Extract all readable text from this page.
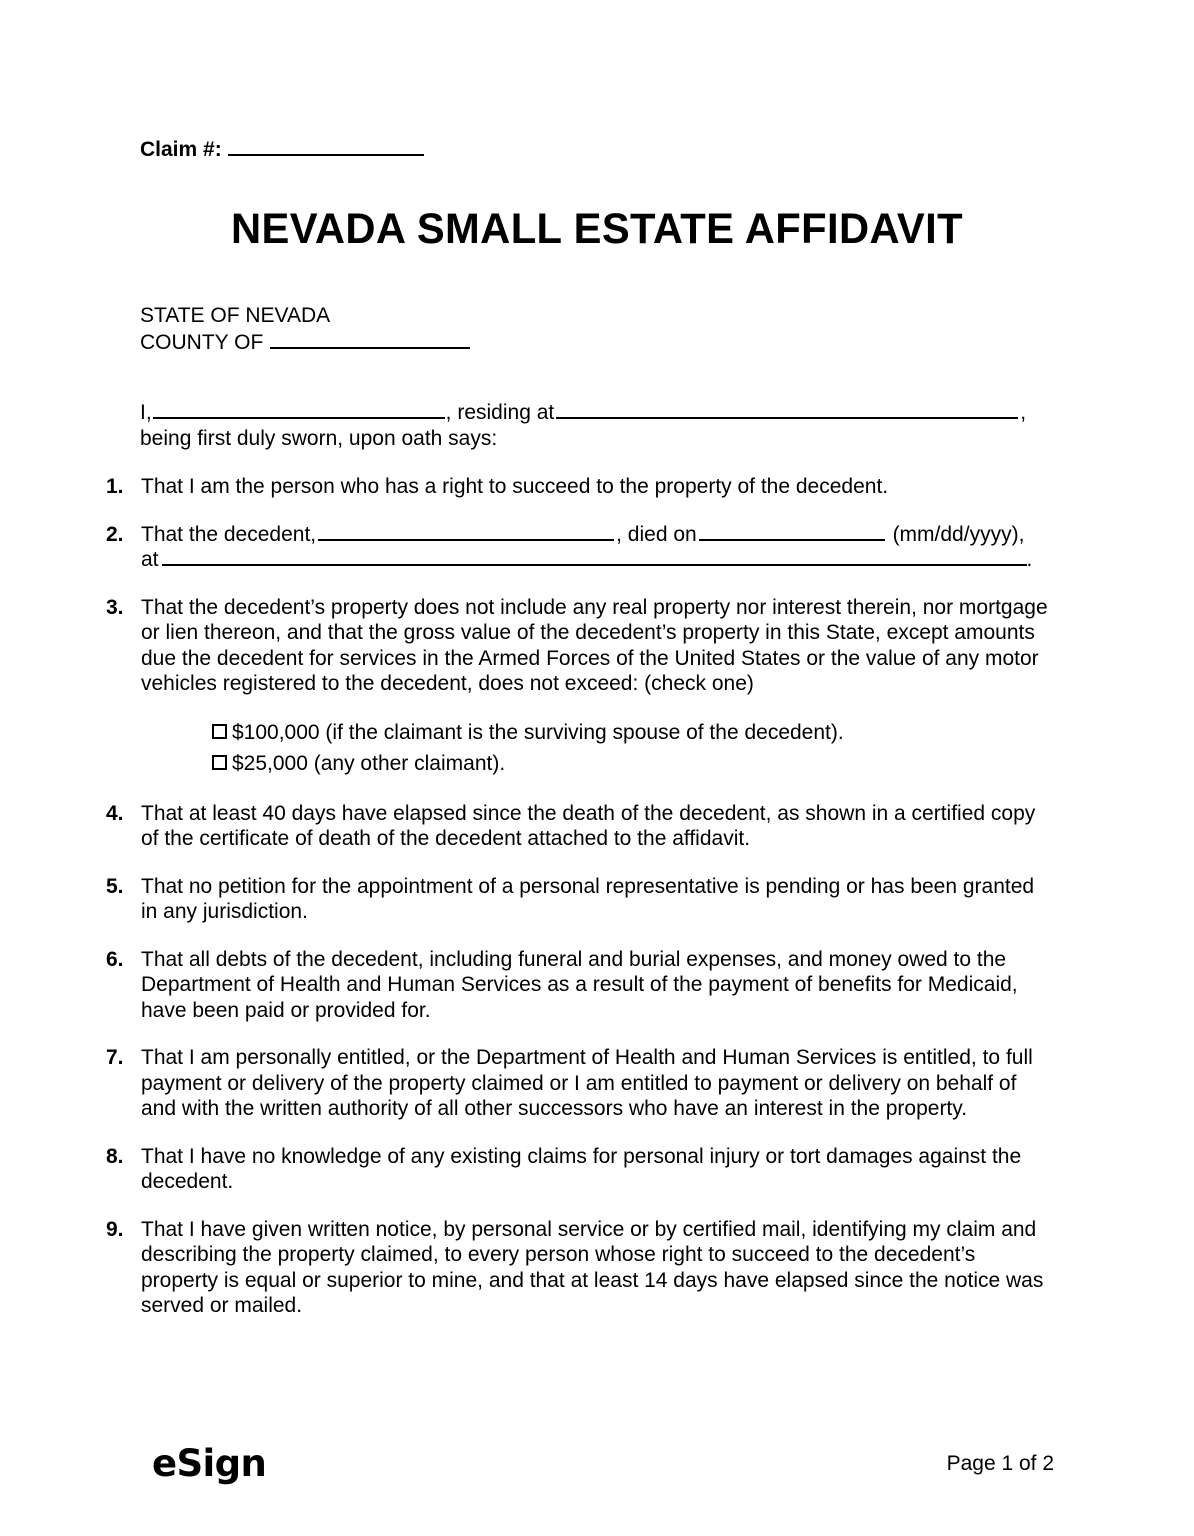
Claim #:
NEVADA SMALL ESTATE AFFIDAVIT
STATE OF NEVADA
COUNTY OF
I,	, residing at	,
being first duly sworn, upon oath says:
1. That I am the person who has a right to succeed to the property of the decedent.
2. That the decedent,	, died on	(mm/dd/yyyy),
at	.
3. That the decedent’s property does not include any real property nor interest therein, nor mortgage or lien thereon, and that the gross value of the decedent’s property in this State, except amounts due the decedent for services in the Armed Forces of the United States or the value of any motor vehicles registered to the decedent, does not exceed: (check one)
$100,000 (if the claimant is the surviving spouse of the decedent).
$25,000 (any other claimant).
4. That at least 40 days have elapsed since the death of the decedent, as shown in a certified copy of the certificate of death of the decedent attached to the affidavit.
5. That no petition for the appointment of a personal representative is pending or has been granted in any jurisdiction.
6. That all debts of the decedent, including funeral and burial expenses, and money owed to the Department of Health and Human Services as a result of the payment of benefits for Medicaid, have been paid or provided for.
7. That I am personally entitled, or the Department of Health and Human Services is entitled, to full payment or delivery of the property claimed or I am entitled to payment or delivery on behalf of and with the written authority of all other successors who have an interest in the property.
8. That I have no knowledge of any existing claims for personal injury or tort damages against the decedent.
9. That I have given written notice, by personal service or by certified mail, identifying my claim and describing the property claimed, to every person whose right to succeed to the decedent’s property is equal or superior to mine, and that at least 14 days have elapsed since the notice was served or mailed.
eSign	Page 1 of 2
